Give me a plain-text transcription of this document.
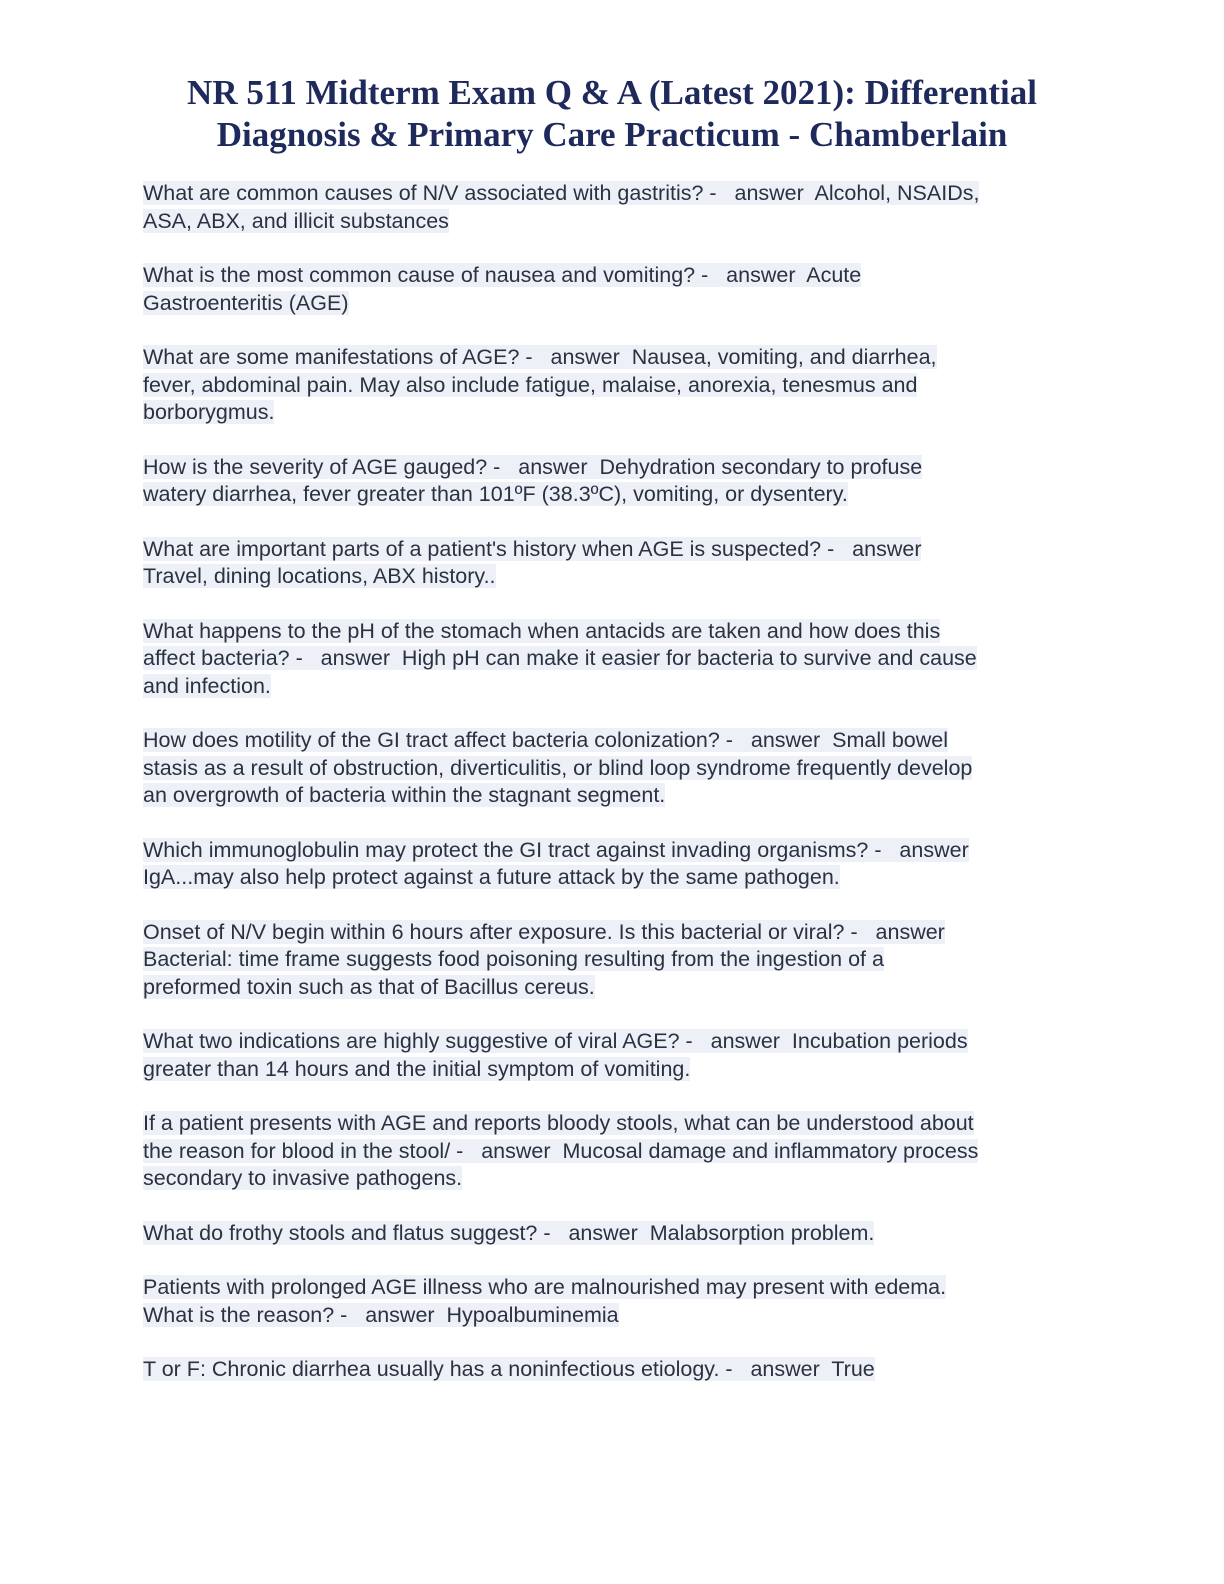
NR 511 Midterm Exam Q & A (Latest 2021): Differential
Diagnosis & Primary Care Practicum - Chamberlain
What are common causes of N/V associated with gastritis? -   answer  Alcohol, NSAIDs,
ASA, ABX, and illicit substances
What is the most common cause of nausea and vomiting? -   answer  Acute
Gastroenteritis (AGE)
What are some manifestations of AGE? -   answer  Nausea, vomiting, and diarrhea,
fever, abdominal pain. May also include fatigue, malaise, anorexia, tenesmus and
borborygmus.
How is the severity of AGE gauged? -   answer  Dehydration secondary to profuse
watery diarrhea, fever greater than 101ºF (38.3ºC), vomiting, or dysentery.
What are important parts of a patient's history when AGE is suspected? -   answer
Travel, dining locations, ABX history..
What happens to the pH of the stomach when antacids are taken and how does this
affect bacteria? -   answer  High pH can make it easier for bacteria to survive and cause
and infection.
How does motility of the GI tract affect bacteria colonization? -   answer  Small bowel
stasis as a result of obstruction, diverticulitis, or blind loop syndrome frequently develop
an overgrowth of bacteria within the stagnant segment.
Which immunoglobulin may protect the GI tract against invading organisms? -   answer
IgA...may also help protect against a future attack by the same pathogen.
Onset of N/V begin within 6 hours after exposure. Is this bacterial or viral? -   answer
Bacterial: time frame suggests food poisoning resulting from the ingestion of a
preformed toxin such as that of Bacillus cereus.
What two indications are highly suggestive of viral AGE? -   answer  Incubation periods
greater than 14 hours and the initial symptom of vomiting.
If a patient presents with AGE and reports bloody stools, what can be understood about
the reason for blood in the stool/ -   answer  Mucosal damage and inflammatory process
secondary to invasive pathogens.
What do frothy stools and flatus suggest? -   answer  Malabsorption problem.
Patients with prolonged AGE illness who are malnourished may present with edema.
What is the reason? -   answer  Hypoalbuminemia
T or F: Chronic diarrhea usually has a noninfectious etiology. -   answer  True
